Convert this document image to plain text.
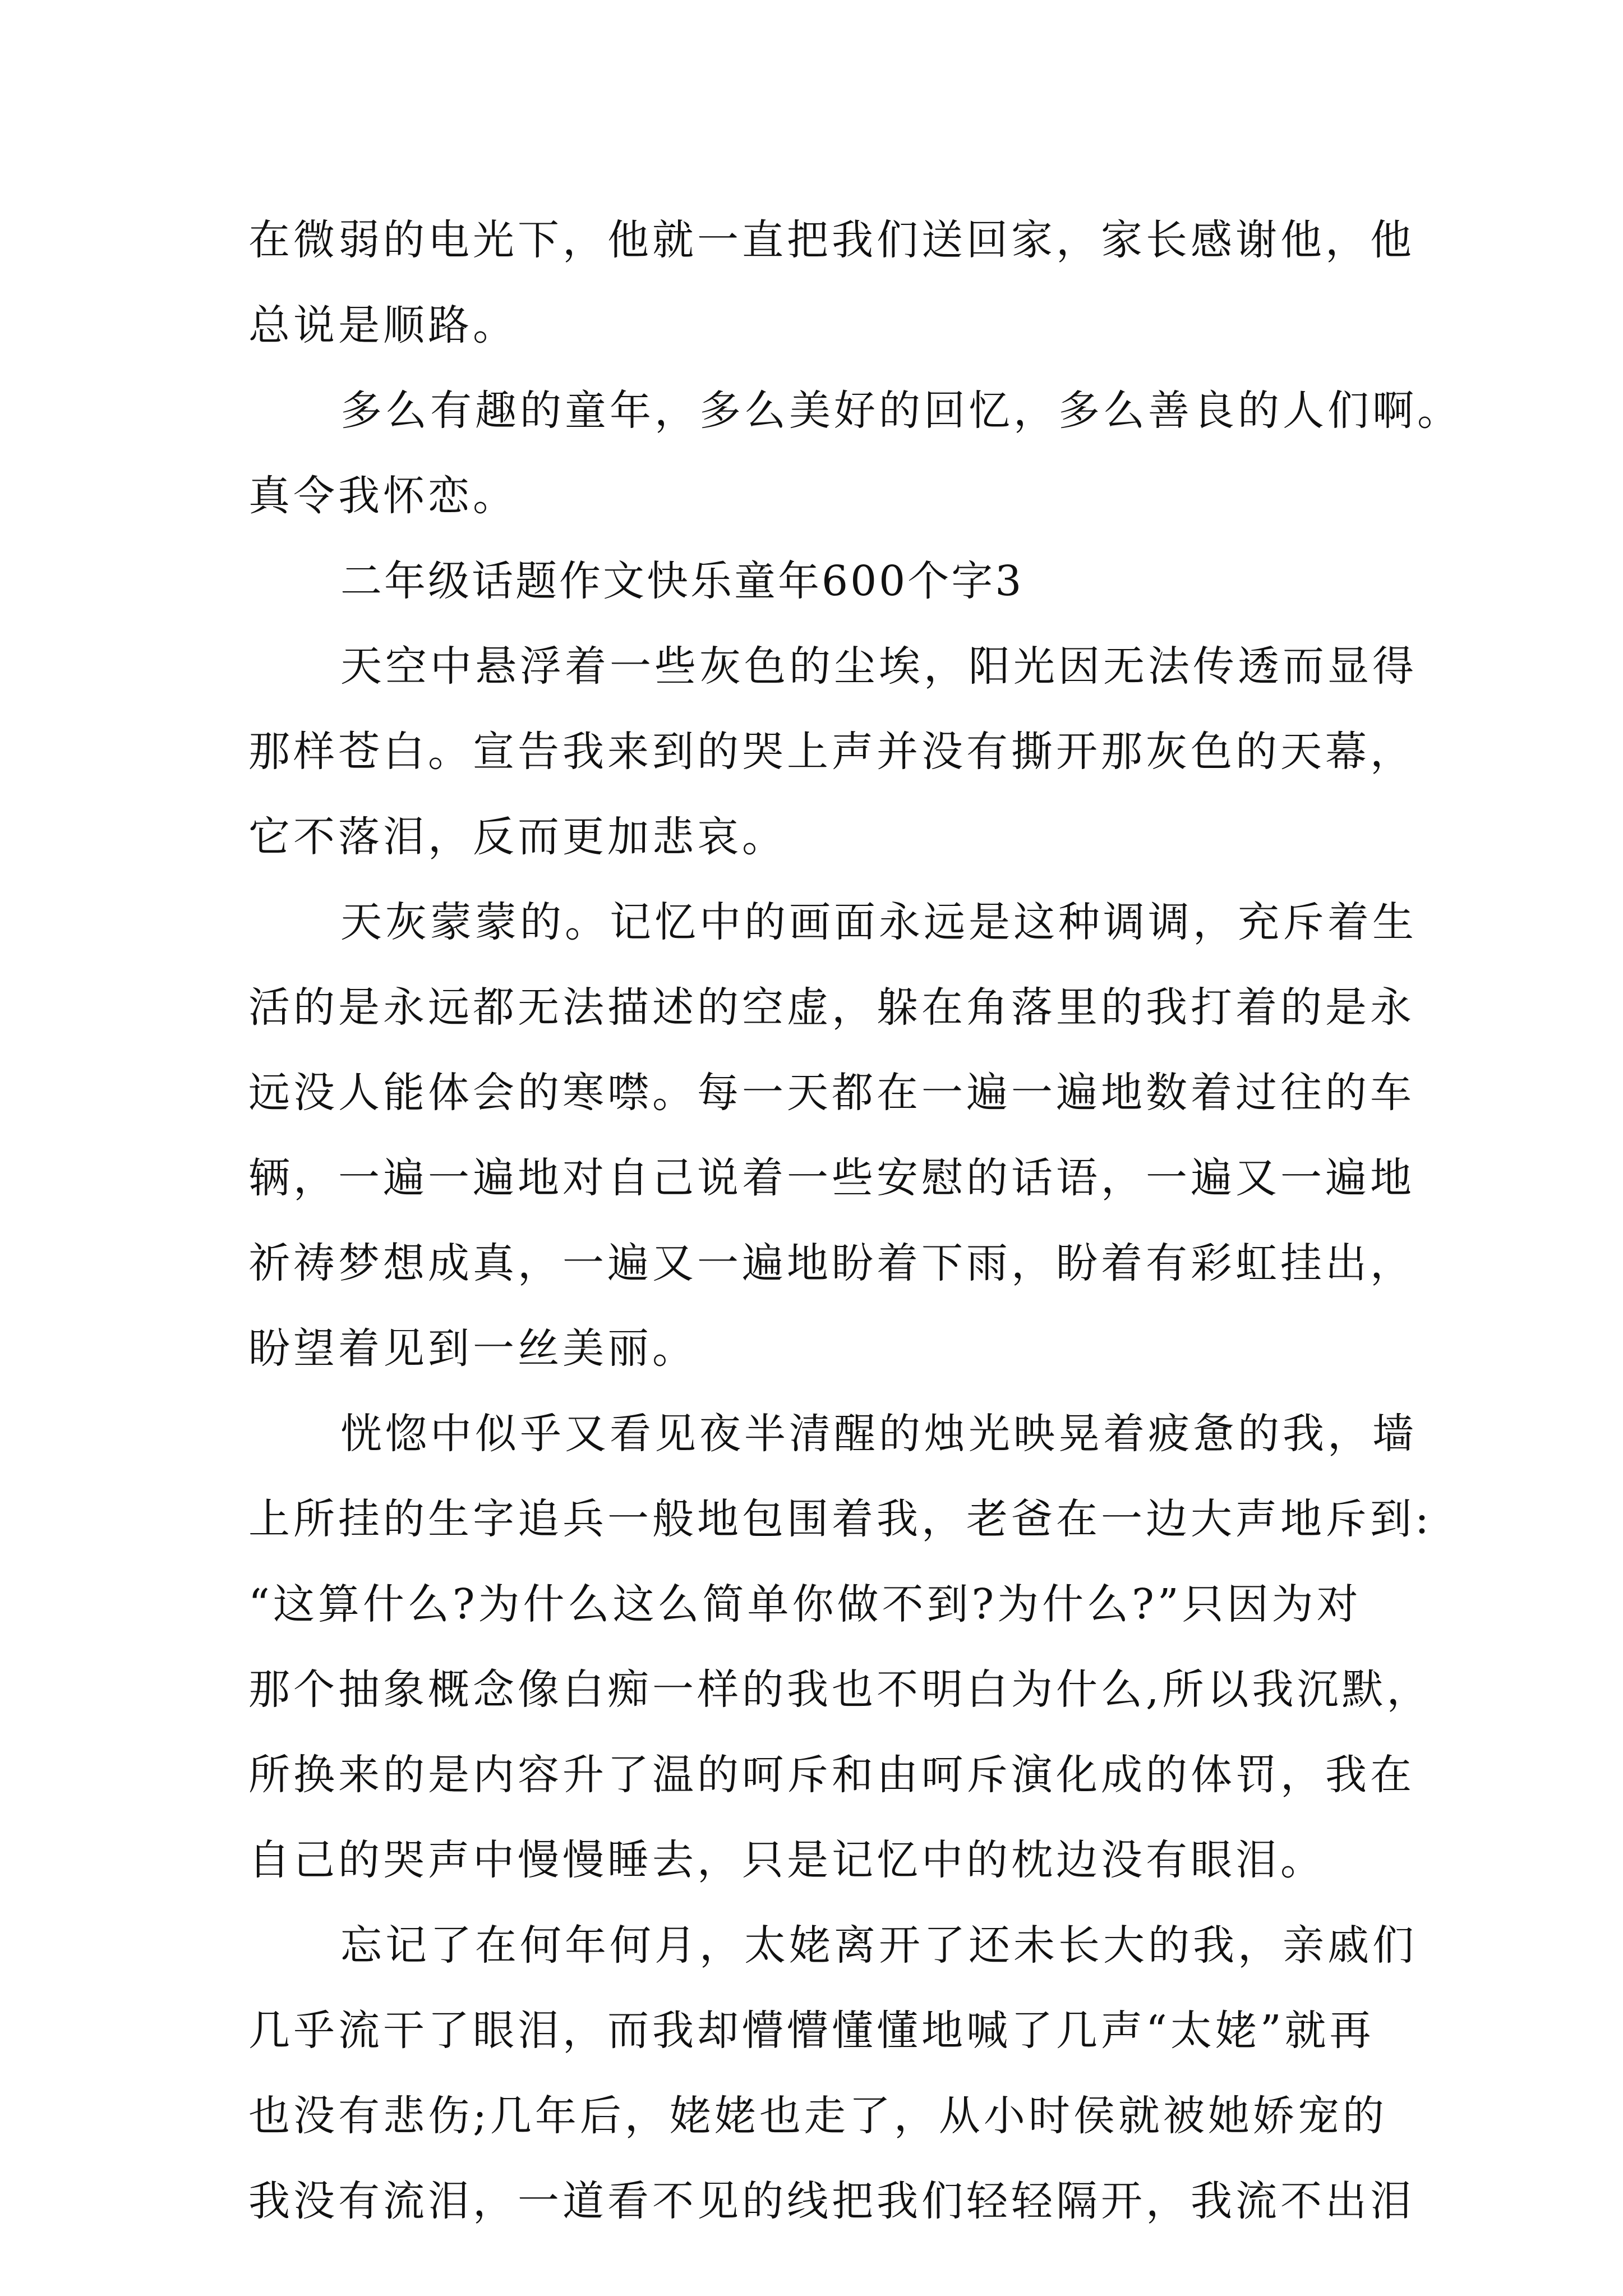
在微弱的电光下，他就一直把我们送回家，家长感谢他，他
总说是顺路。
多么有趣的童年，多么美好的回忆，多么善良的人们啊。
真令我怀恋。
二年级话题作文快乐童年600个字3
天空中悬浮着一些灰色的尘埃，阳光因无法传透而显得
那样苍白。宣告我来到的哭上声并没有撕开那灰色的天幕，
它不落泪，反而更加悲哀。
天灰蒙蒙的。记忆中的画面永远是这种调调，充斥着生
活的是永远都无法描述的空虚，躲在角落里的我打着的是永
远没人能体会的寒噤。每一天都在一遍一遍地数着过往的车
辆，一遍一遍地对自己说着一些安慰的话语，一遍又一遍地
祈祷梦想成真，一遍又一遍地盼着下雨，盼着有彩虹挂出，
盼望着见到一丝美丽。
恍惚中似乎又看见夜半清醒的烛光映晃着疲惫的我，墙
上所挂的生字追兵一般地包围着我，老爸在一边大声地斥到:
“这算什么?为什么这么简单你做不到?为什么?”只因为对
那个抽象概念像白痴一样的我也不明白为什么,所以我沉默，
所换来的是内容升了温的呵斥和由呵斥演化成的体罚，我在
自己的哭声中慢慢睡去，只是记忆中的枕边没有眼泪。
忘记了在何年何月，太姥离开了还未长大的我，亲戚们
几乎流干了眼泪，而我却懵懵懂懂地喊了几声“太姥”就再
也没有悲伤;几年后，姥姥也走了，从小时侯就被她娇宠的
我没有流泪，一道看不见的线把我们轻轻隔开，我流不出泪
